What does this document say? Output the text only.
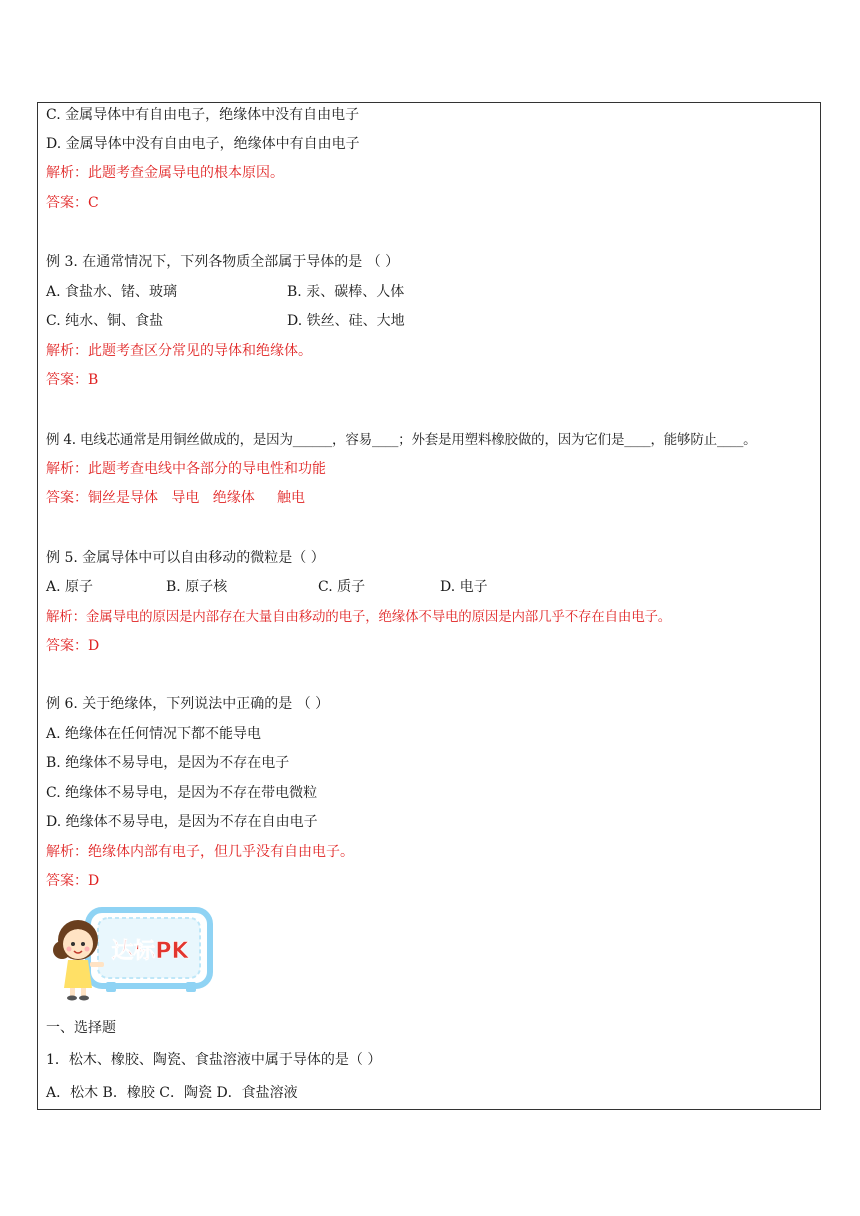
C. 金属导体中有自由电子，绝缘体中没有自由电子
D. 金属导体中没有自由电子，绝缘体中有自由电子
解析：此题考查金属导电的根本原因。
答案：C
例 3. 在通常情况下，下列各物质全部属于导体的是 （ ）
A. 食盐水、锗、玻璃	B. 汞、碳棒、人体
C. 纯水、铜、食盐	D. 铁丝、硅、大地
解析：此题考查区分常见的导体和绝缘体。
答案：B
例 4. 电线芯通常是用铜丝做成的，是因为______，容易____；外套是用塑料橡胶做的，因为它们是____，能够防止____。
解析：此题考查电线中各部分的导电性和功能
答案：铜丝是导体   导电   绝缘体     触电
例 5. 金属导体中可以自由移动的微粒是（ ）
A. 原子	B. 原子核	C. 质子	D. 电子
解析：金属导电的原因是内部存在大量自由移动的电子，绝缘体不导电的原因是内部几乎不存在自由电子。
答案：D
例 6. 关于绝缘体，下列说法中正确的是 （ ）
A. 绝缘体在任何情况下都不能导电
B. 绝缘体不易导电，是因为不存在电子
C. 绝缘体不易导电，是因为不存在带电微粒
D. 绝缘体不易导电，是因为不存在自由电子
解析：绝缘体内部有电子，但几乎没有自由电子。
答案：D
达标PK
一、选择题
1．松木、橡胶、陶瓷、食盐溶液中属于导体的是（ ）
A．松木 B．橡胶 C．陶瓷 D．食盐溶液
